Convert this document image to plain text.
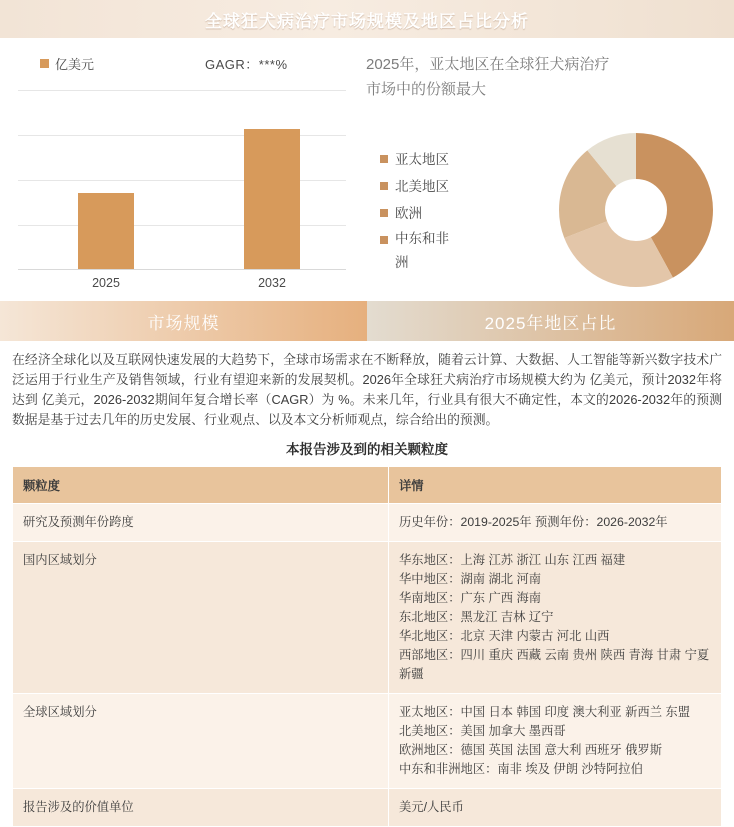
全球狂犬病治疗市场规模及地区占比分析
亿美元	GAGR：***%
2025	2032
2025年，亚太地区在全球狂犬病治疗市场中的份额最大
亚太地区
北美地区
欧洲
中东和非洲
市场规模	2025年地区占比
在经济全球化以及互联网快速发展的大趋势下，全球市场需求在不断释放，随着云计算、大数据、人工智能等新兴数字技术广泛运用于行业生产及销售领域，行业有望迎来新的发展契机。2026年全球狂犬病治疗市场规模大约为 亿美元，预计2032年将达到 亿美元，2026-2032期间年复合增长率（CAGR）为 %。未来几年，行业具有很大不确定性，本文的2026-2032年的预测数据是基于过去几年的历史发展、行业观点、以及本文分析师观点，综合给出的预测。
本报告涉及到的相关颗粒度
颗粒度	详情
研究及预测年份跨度	历史年份：2019-2025年 预测年份：2026-2032年

国内区域划分	华东地区：上海 江苏 浙江 山东 江西 福建
华中地区：湖南 湖北 河南
华南地区：广东 广西 海南
东北地区：黑龙江 吉林 辽宁
华北地区：北京 天津 内蒙古 河北 山西
西部地区：四川 重庆 西藏 云南 贵州 陕西 青海 甘肃 宁夏 新疆

全球区域划分	亚太地区：中国 日本 韩国 印度 澳大利亚 新西兰 东盟
北美地区：美国 加拿大 墨西哥
欧洲地区：德国 英国 法国 意大利 西班牙 俄罗斯
中东和非洲地区：南非 埃及 伊朗 沙特阿拉伯

报告涉及的价值单位	美元/人民币
